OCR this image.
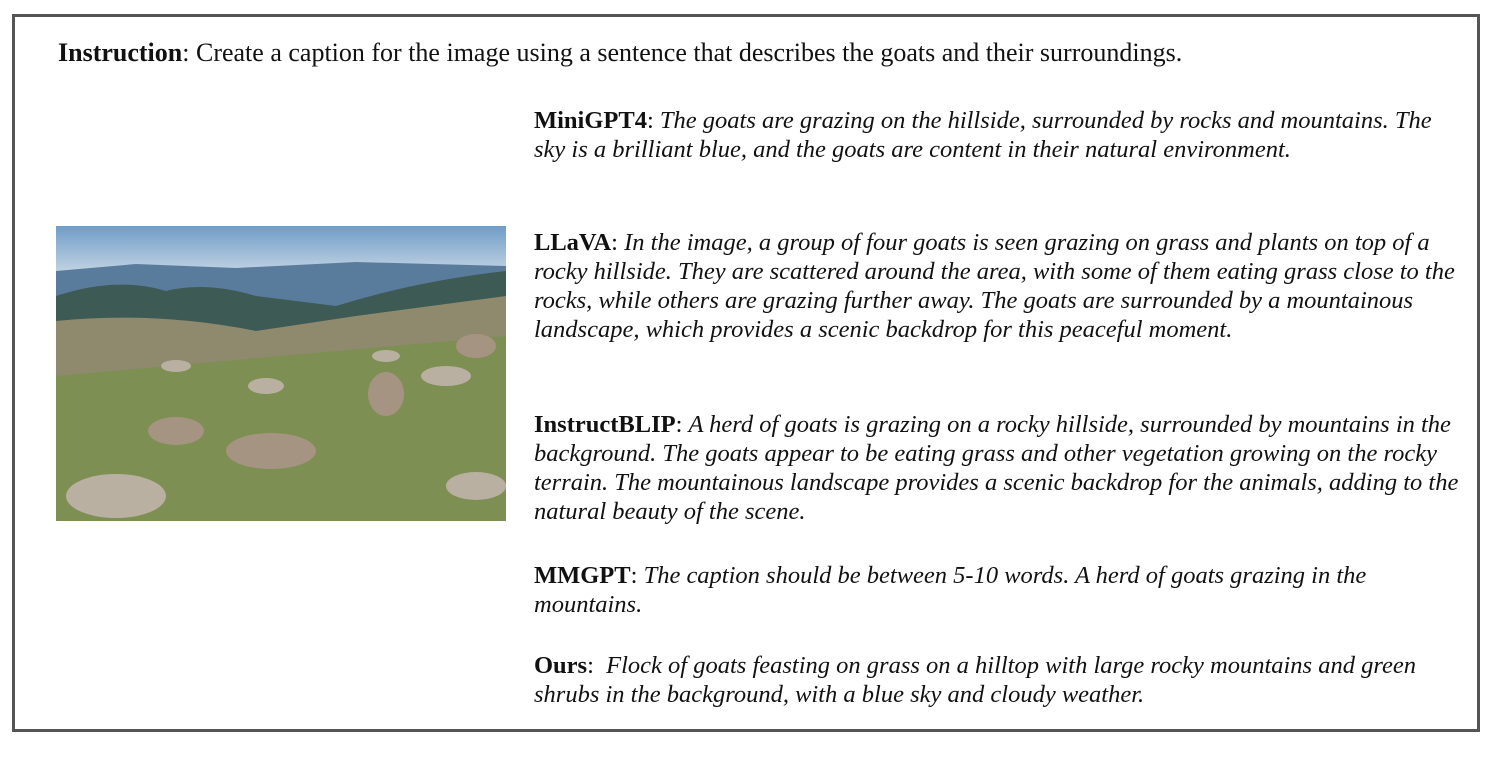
Instruction: Create a caption for the image using a sentence that describes the goats and their surroundings.
MiniGPT4: The goats are grazing on the hillside, surrounded by rocks and mountains. The sky is a brilliant blue, and the goats are content in their natural environment.
LLaVA: In the image, a group of four goats is seen grazing on grass and plants on top of a rocky hillside. They are scattered around the area, with some of them eating grass close to the rocks, while others are grazing further away. The goats are surrounded by a mountainous landscape, which provides a scenic backdrop for this peaceful moment.
InstructBLIP: A herd of goats is grazing on a rocky hillside, surrounded by mountains in the background. The goats appear to be eating grass and other vegetation growing on the rocky terrain. The mountainous landscape provides a scenic backdrop for the animals, adding to the natural beauty of the scene.
MMGPT: The caption should be between 5-10 words. A herd of goats grazing in the mountains.
Ours:  Flock of goats feasting on grass on a hilltop with large rocky mountains and green shrubs in the background, with a blue sky and cloudy weather.
